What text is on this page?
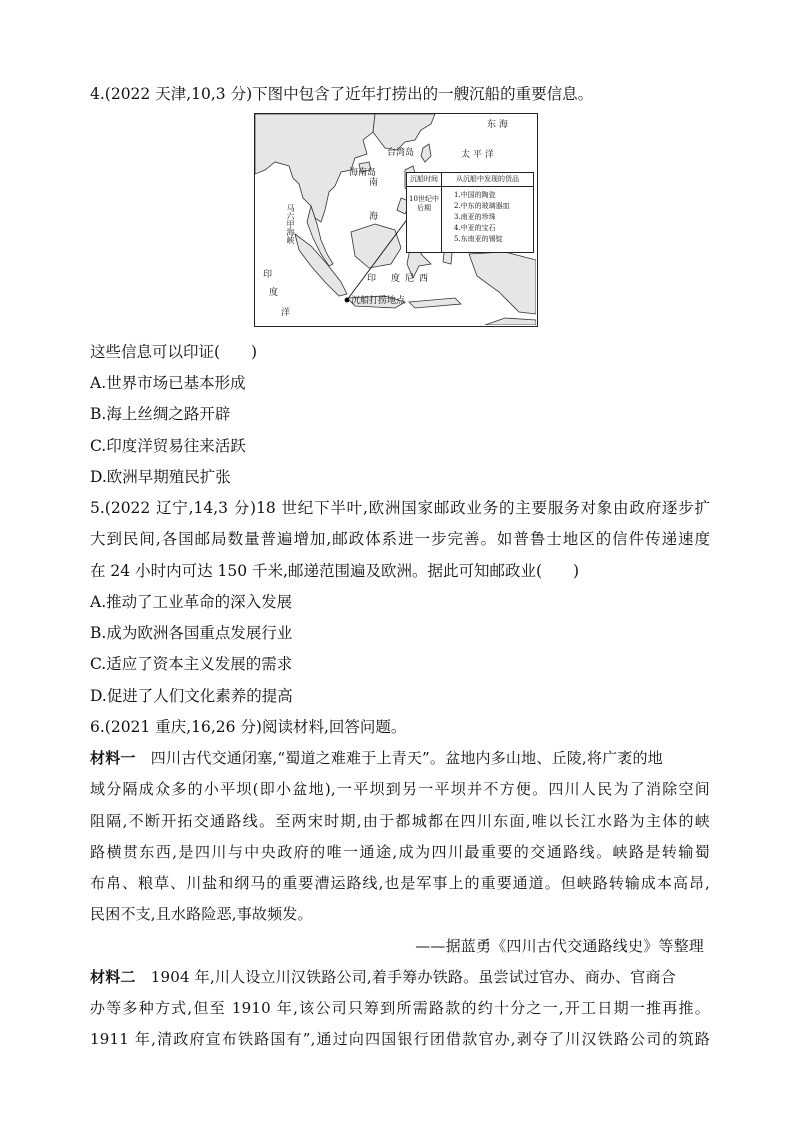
4.(2022 天津,10,3 分)下图中包含了近年打捞出的一艘沉船的重要信息。
东 海
台湾岛	太 平 洋
海南岛
南
海
马六甲海峡
印
度
洋
印 度 尼 西
沉船打捞地点
沉船时间	从沉船中发现的货品
10世纪中后期
1.中国的陶瓷
2.中东的玻璃器皿
3.南亚的珍珠
4.中亚的宝石
5.东南亚的锡锭
这些信息可以印证(　　)
A.世界市场已基本形成
B.海上丝绸之路开辟
C.印度洋贸易往来活跃
D.欧洲早期殖民扩张
5.(2022 辽宁,14,3 分)18 世纪下半叶,欧洲国家邮政业务的主要服务对象由政府逐步扩
大到民间,各国邮局数量普遍增加,邮政体系进一步完善。如普鲁士地区的信件传递速度
在 24 小时内可达 150 千米,邮递范围遍及欧洲。据此可知邮政业(　　)
A.推动了工业革命的深入发展
B.成为欧洲各国重点发展行业
C.适应了资本主义发展的需求
D.促进了人们文化素养的提高
6.(2021 重庆,16,26 分)阅读材料,回答问题。
材料一　四川古代交通闭塞,“蜀道之难难于上青天”。盆地内多山地、丘陵,将广袤的地
域分隔成众多的小平坝(即小盆地),一平坝到另一平坝并不方便。四川人民为了消除空间
阻隔,不断开拓交通路线。至两宋时期,由于都城都在四川东面,唯以长江水路为主体的峡
路横贯东西,是四川与中央政府的唯一通途,成为四川最重要的交通路线。峡路是转输蜀
布帛、粮草、川盐和纲马的重要漕运路线,也是军事上的重要通道。但峡路转输成本高昂,
民困不支,且水路险恶,事故频发。
——据蓝勇《四川古代交通路线史》等整理
材料二　1904 年,川人设立川汉铁路公司,着手筹办铁路。虽尝试过官办、商办、官商合
办等多种方式,但至 1910 年,该公司只筹到所需路款的约十分之一,开工日期一推再推。
1911 年,清政府宣布铁路国有”,通过向四国银行团借款官办,剥夺了川汉铁路公司的筑路
